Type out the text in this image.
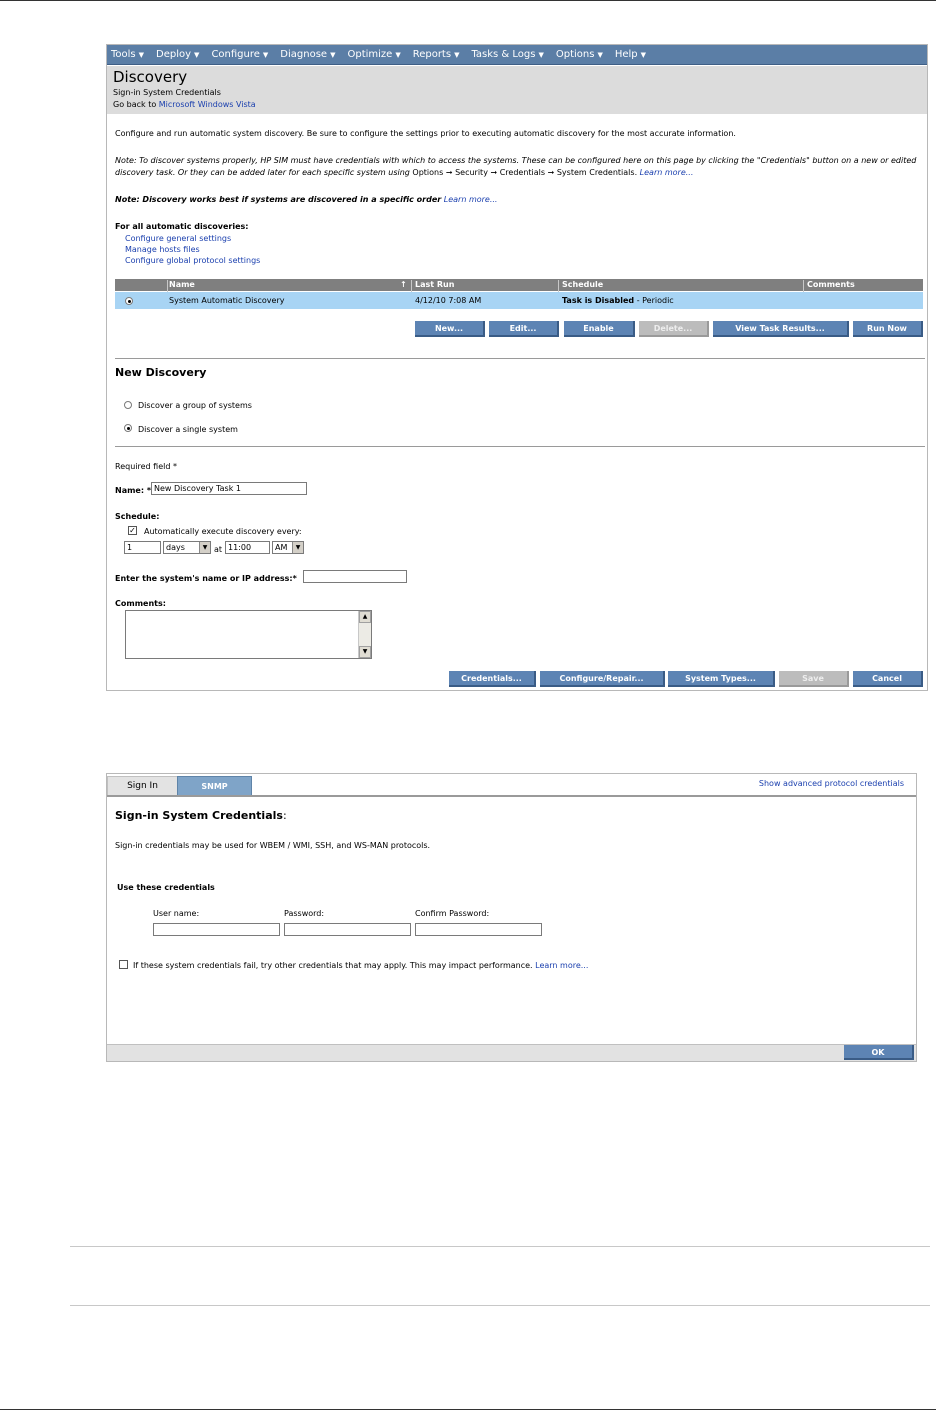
Tools ▼ Deploy ▼ Configure ▼ Diagnose ▼ Optimize ▼ Reports ▼ Tasks & Logs ▼ Options ▼ Help ▼
Discovery
Sign-in System Credentials
Go back to Microsoft Windows Vista
Configure and run automatic system discovery. Be sure to configure the settings prior to executing automatic discovery for the most accurate information.
Note: To discover systems properly, HP SIM must have credentials with which to access the systems. These can be configured here on this page by clicking the "Credentials" button on a new or edited
discovery task. Or they can be added later for each specific system using Options ➞ Security ➞ Credentials ➞ System Credentials. Learn more...
Note: Discovery works best if systems are discovered in a specific order Learn more...
For all automatic discoveries:
Configure general settings
Manage hosts files
Configure global protocol settings
Name	↑ Last Run	Schedule	Comments
System Automatic Discovery	4/12/10 7:08 AM	Task is Disabled - Periodic
New...	Edit...	Enable	Delete...	View Task Results...	Run Now
New Discovery
Discover a group of systems
Discover a single system
Required field *
Name: * New Discovery Task 1
Schedule:
✓ Automatically execute discovery every:
1	days	▼ at 11:00	AM	▼
Enter the system's name or IP address:*
Comments:
▲
▼
Credentials...	Configure/Repair...	System Types...	Save	Cancel
Sign In	SNMP	Show advanced protocol credentials
Sign-in System Credentials:
Sign-in credentials may be used for WBEM / WMI, SSH, and WS-MAN protocols.
Use these credentials
User name:	Password:	Confirm Password:
If these system credentials fail, try other credentials that may apply. This may impact performance. Learn more...
OK
